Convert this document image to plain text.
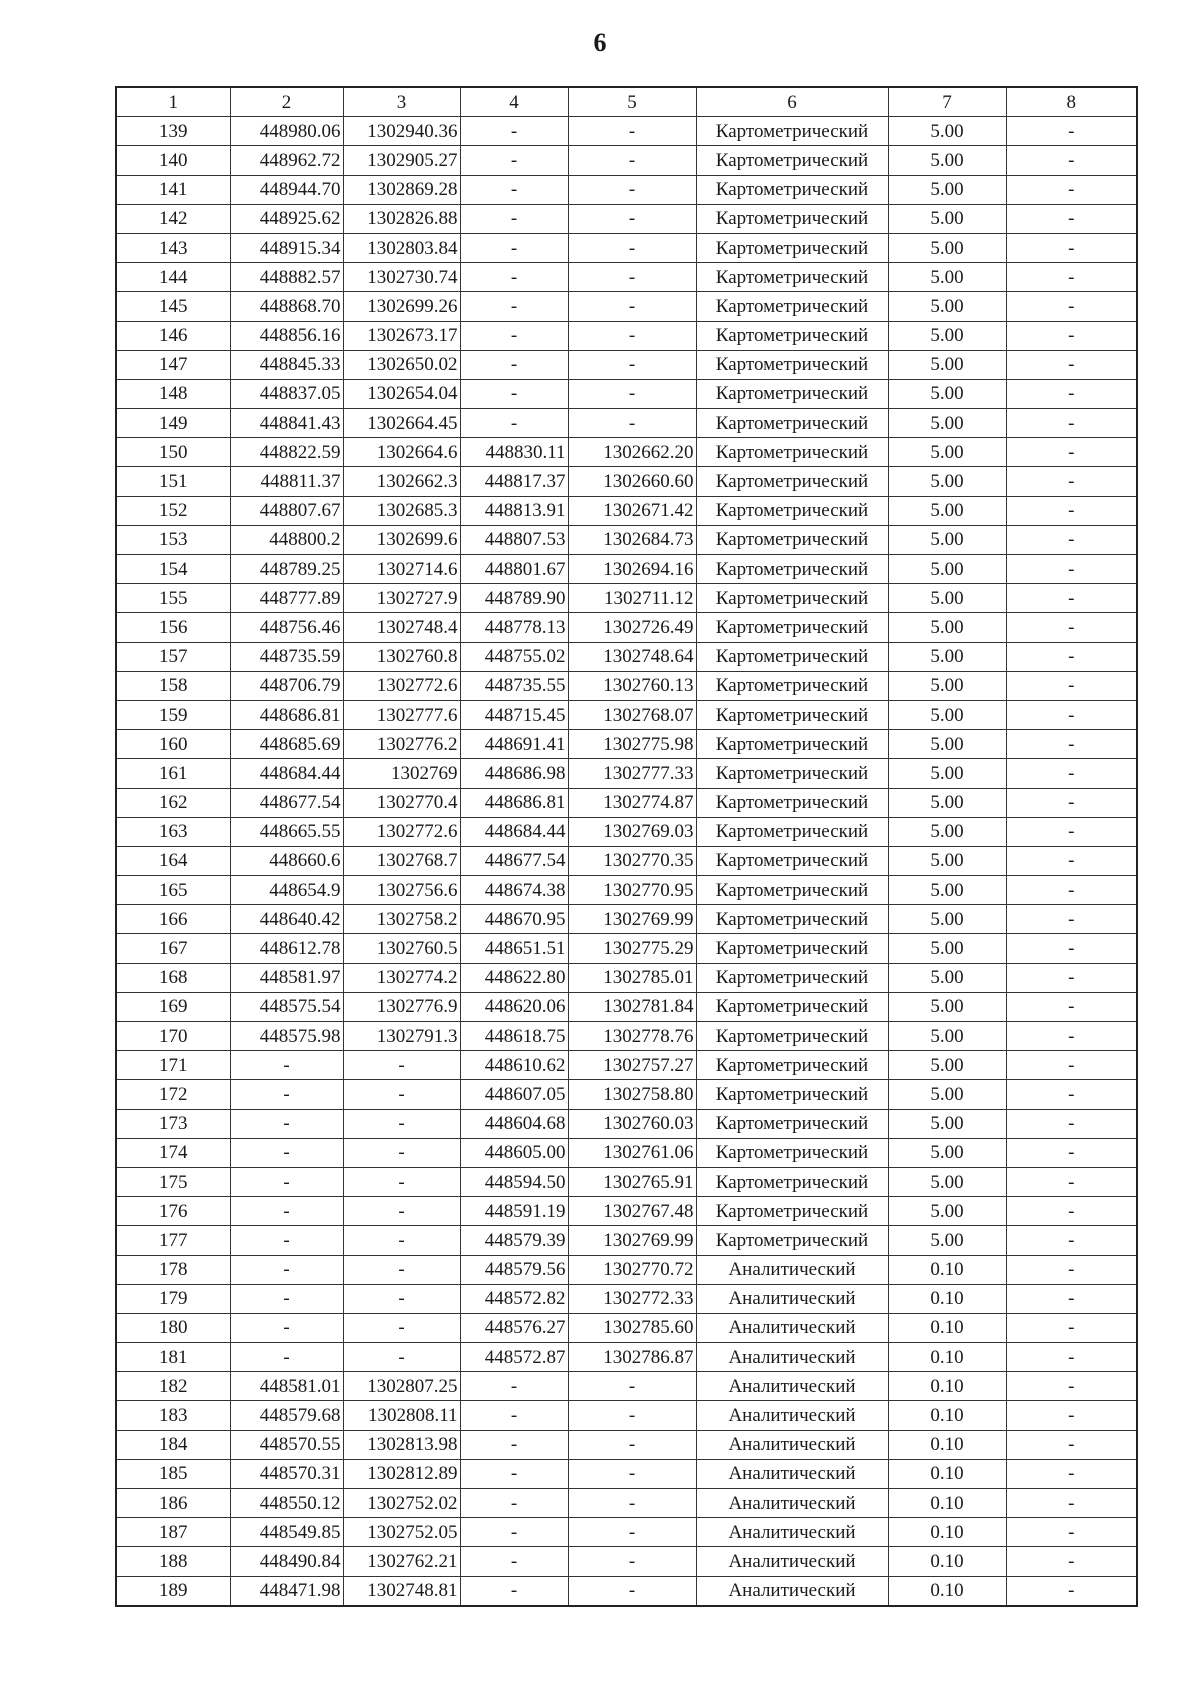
6
1	2	3	4	5	6	7	8
139	448980.06	1302940.36	-	-	Картометрический	5.00	-
140	448962.72	1302905.27	-	-	Картометрический	5.00	-
141	448944.70	1302869.28	-	-	Картометрический	5.00	-
142	448925.62	1302826.88	-	-	Картометрический	5.00	-
143	448915.34	1302803.84	-	-	Картометрический	5.00	-
144	448882.57	1302730.74	-	-	Картометрический	5.00	-
145	448868.70	1302699.26	-	-	Картометрический	5.00	-
146	448856.16	1302673.17	-	-	Картометрический	5.00	-
147	448845.33	1302650.02	-	-	Картометрический	5.00	-
148	448837.05	1302654.04	-	-	Картометрический	5.00	-
149	448841.43	1302664.45	-	-	Картометрический	5.00	-
150	448822.59	1302664.6	448830.11	1302662.20	Картометрический	5.00	-
151	448811.37	1302662.3	448817.37	1302660.60	Картометрический	5.00	-
152	448807.67	1302685.3	448813.91	1302671.42	Картометрический	5.00	-
153	448800.2	1302699.6	448807.53	1302684.73	Картометрический	5.00	-
154	448789.25	1302714.6	448801.67	1302694.16	Картометрический	5.00	-
155	448777.89	1302727.9	448789.90	1302711.12	Картометрический	5.00	-
156	448756.46	1302748.4	448778.13	1302726.49	Картометрический	5.00	-
157	448735.59	1302760.8	448755.02	1302748.64	Картометрический	5.00	-
158	448706.79	1302772.6	448735.55	1302760.13	Картометрический	5.00	-
159	448686.81	1302777.6	448715.45	1302768.07	Картометрический	5.00	-
160	448685.69	1302776.2	448691.41	1302775.98	Картометрический	5.00	-
161	448684.44	1302769	448686.98	1302777.33	Картометрический	5.00	-
162	448677.54	1302770.4	448686.81	1302774.87	Картометрический	5.00	-
163	448665.55	1302772.6	448684.44	1302769.03	Картометрический	5.00	-
164	448660.6	1302768.7	448677.54	1302770.35	Картометрический	5.00	-
165	448654.9	1302756.6	448674.38	1302770.95	Картометрический	5.00	-
166	448640.42	1302758.2	448670.95	1302769.99	Картометрический	5.00	-
167	448612.78	1302760.5	448651.51	1302775.29	Картометрический	5.00	-
168	448581.97	1302774.2	448622.80	1302785.01	Картометрический	5.00	-
169	448575.54	1302776.9	448620.06	1302781.84	Картометрический	5.00	-
170	448575.98	1302791.3	448618.75	1302778.76	Картометрический	5.00	-
171	-	-	448610.62	1302757.27	Картометрический	5.00	-
172	-	-	448607.05	1302758.80	Картометрический	5.00	-
173	-	-	448604.68	1302760.03	Картометрический	5.00	-
174	-	-	448605.00	1302761.06	Картометрический	5.00	-
175	-	-	448594.50	1302765.91	Картометрический	5.00	-
176	-	-	448591.19	1302767.48	Картометрический	5.00	-
177	-	-	448579.39	1302769.99	Картометрический	5.00	-
178	-	-	448579.56	1302770.72	Аналитический	0.10	-
179	-	-	448572.82	1302772.33	Аналитический	0.10	-
180	-	-	448576.27	1302785.60	Аналитический	0.10	-
181	-	-	448572.87	1302786.87	Аналитический	0.10	-
182	448581.01	1302807.25	-	-	Аналитический	0.10	-
183	448579.68	1302808.11	-	-	Аналитический	0.10	-
184	448570.55	1302813.98	-	-	Аналитический	0.10	-
185	448570.31	1302812.89	-	-	Аналитический	0.10	-
186	448550.12	1302752.02	-	-	Аналитический	0.10	-
187	448549.85	1302752.05	-	-	Аналитический	0.10	-
188	448490.84	1302762.21	-	-	Аналитический	0.10	-
189	448471.98	1302748.81	-	-	Аналитический	0.10	-
